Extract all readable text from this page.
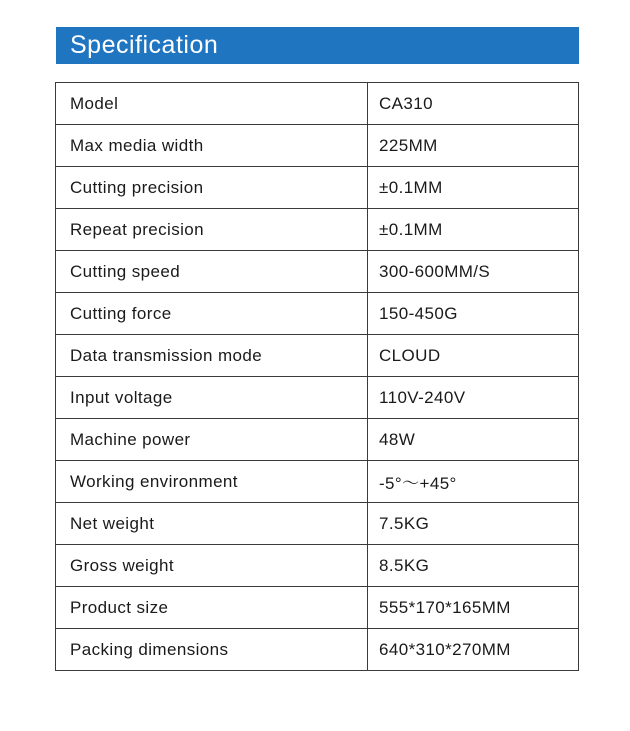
Specification
Model	CA310
Max media width	225MM
Cutting precision	±0.1MM
Repeat precision	±0.1MM
Cutting speed	300-600MM/S
Cutting force	150-450G
Data transmission mode	CLOUD
Input voltage	110V-240V
Machine power	48W
Working environment	-5°～+45°
Net weight	7.5KG
Gross weight	8.5KG
Product size	555*170*165MM
Packing dimensions	640*310*270MM
